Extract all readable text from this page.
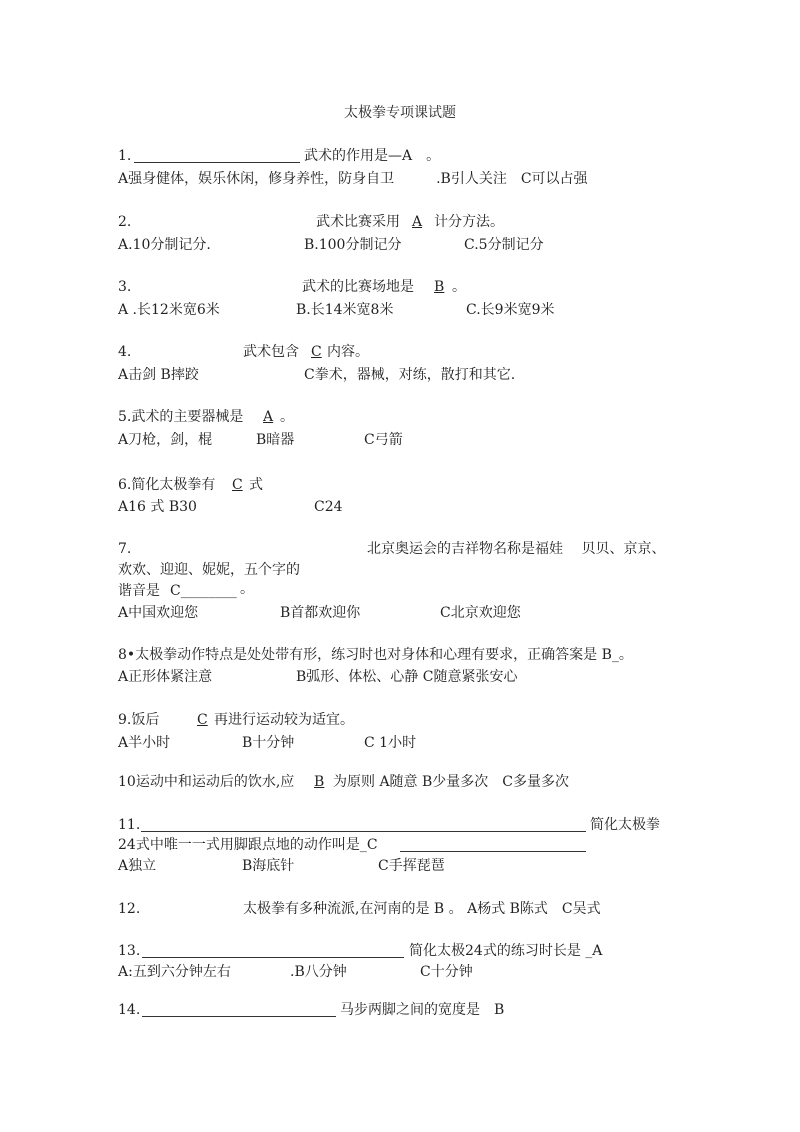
太极拳专项课试题
1.	武术的作用是—A　。
A强身健体，娱乐休闲，修身养性，防身自卫　　　.B引人关注　C可以占强
2.	武术比赛采用 A 计分方法。
A.10分制记分.	B.100分制记分	C.5分制记分
3.	武术的比赛场地是 B 。
A .长12米宽6米	B.长14米宽8米	C.长9米宽9米
4.	武术包含 C 内容。
A击剑 B摔跤	C拳术，器械，对练，散打和其它.
5.武术的主要器械是 A 。
A刀枪，剑，棍	B暗器	C弓箭
6.简化太极拳有 C 式
A16 式 B30	C24
7.	北京奥运会的吉祥物名称是福娃　 贝贝、京京、
欢欢、迎迎、妮妮，五个字的
谐音是 C________ 。
A中国欢迎您	B首都欢迎你	C北京欢迎您
8•太极拳动作特点是处处带有形，练习时也对身体和心理有要求，正确答案是 B_。
A正形体紧注意	B弧形、体松、心静 C随意紧张安心
9.饭后	C 再进行运动较为适宜。
A半小时	B十分钟	C 1小时
10运动中和运动后的饮水,应 B 为原则 A随意 B少量多次　C多量多次
11.	简化太极拳
24式中唯一一式用脚跟点地的动作叫是_C
A独立	B海底针	C手挥琵琶
12.	太极拳有多种流派,在河南的是 B 。 A杨式 B陈式　C吴式
13.	简化太极24式的练习时长是 _A
A:五到六分钟左右	.B八分钟	C十分钟
14.	马步两脚之间的宽度是　B
